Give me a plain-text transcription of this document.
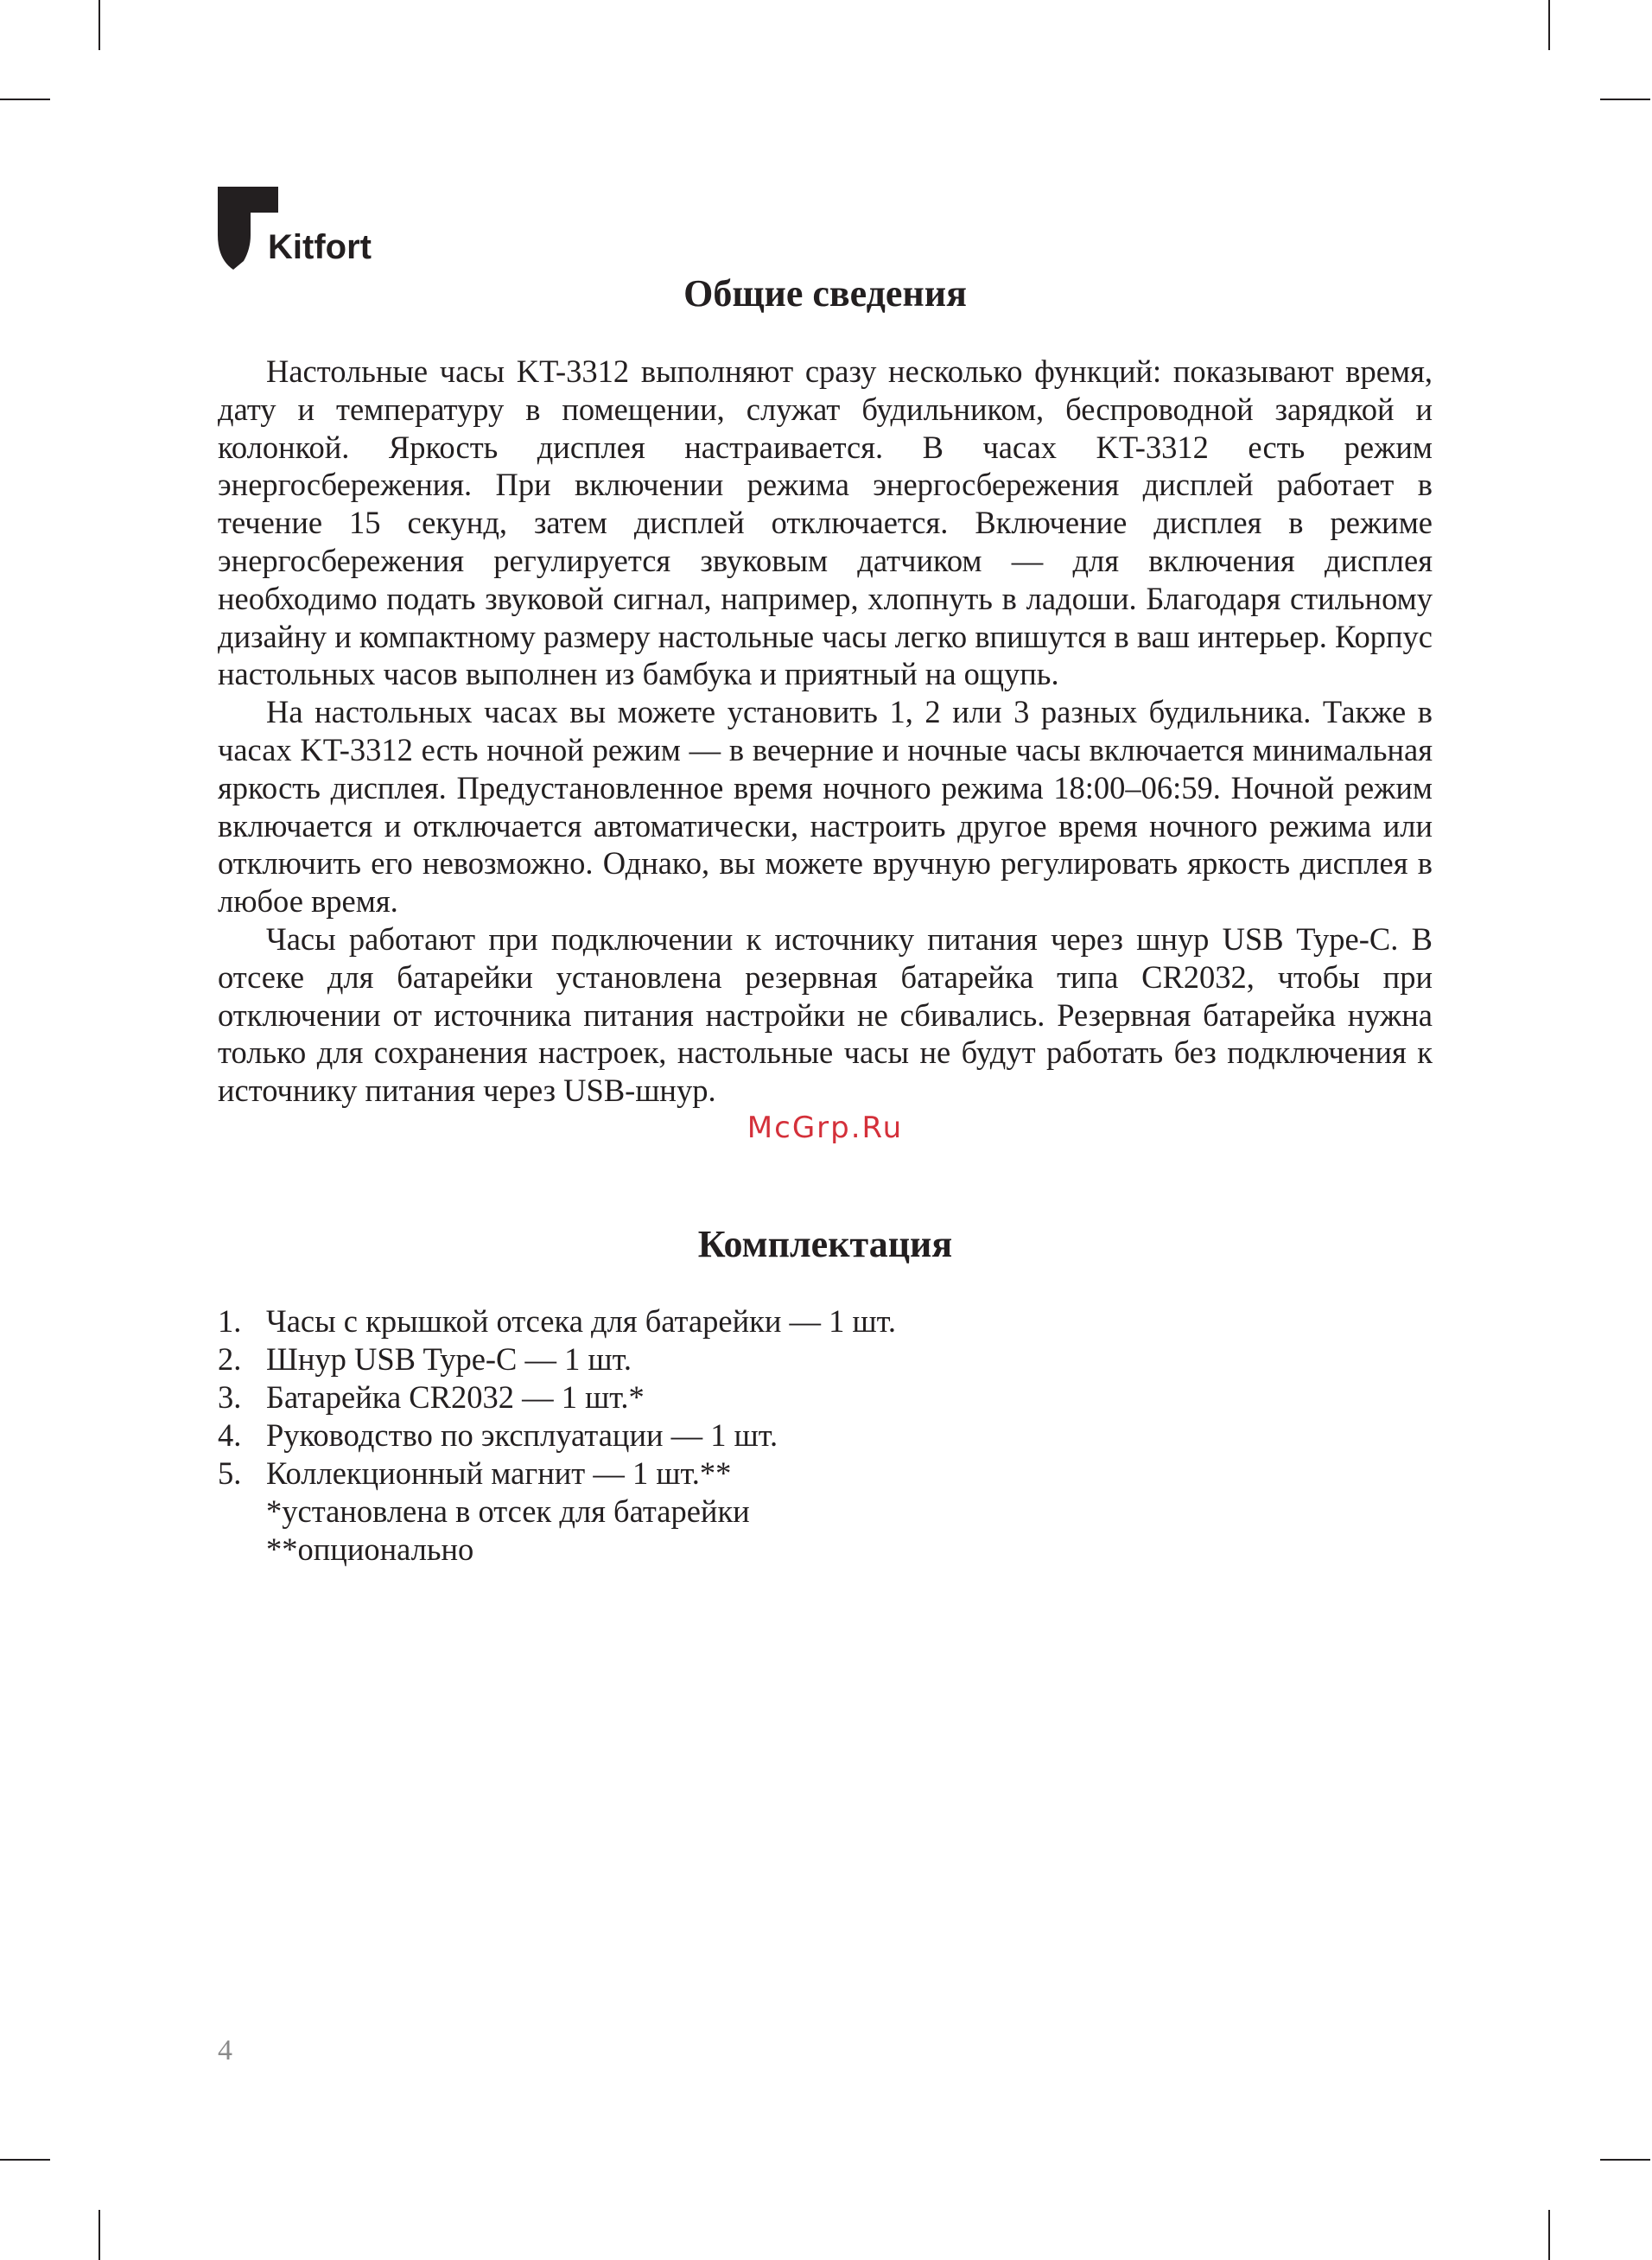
Kitfort
Общие сведения

Настольные часы KT-3312 выполняют сразу несколько функций: показывают время, дату и температуру в помещении, служат будильником, беспроводной зарядкой и колонкой. Яркость дисплея настраивается. В часах KT-3312 есть режим энергосбережения. При включении режима энергосбережения дисплей работает в течение 15 секунд, затем дисплей отключается. Включение дисплея в режиме энергосбережения регулируется звуковым датчиком — для включения дисплея необходимо подать звуковой сигнал, например, хлопнуть в ладоши. Благодаря стильному дизайну и компактному размеру настольные часы легко впишутся в ваш интерьер. Корпус настольных часов выполнен из бамбука и приятный на ощупь.

На настольных часах вы можете установить 1, 2 или 3 разных будильника. Также в часах KT-3312 есть ночной режим — в вечерние и ночные часы включается минимальная яркость дисплея. Предустановленное время ночного режима 18:00–06:59. Ночной режим включается и отключается автоматически, настроить другое время ночного режима или отключить его невозможно. Однако, вы можете вручную регулировать яркость дисплея в любое время.

Часы работают при подключении к источнику питания через шнур USB Type-C. В отсеке для батарейки установлена резервная батарейка типа CR2032, чтобы при отключении от источника питания настройки не сбивались. Резервная батарейка нужна только для сохранения настроек, настольные часы не будут работать без подключения к источнику питания через USB-шнур.

McGrp.Ru
Комплектация
1. Часы с крышкой отсека для батарейки — 1 шт.
2. Шнур USB Type-C — 1 шт.
3. Батарейка CR2032 — 1 шт.*
4. Руководство по эксплуатации — 1 шт.
5. Коллекционный магнит — 1 шт.**
*установлена в отсек для батарейки
**опционально
4
